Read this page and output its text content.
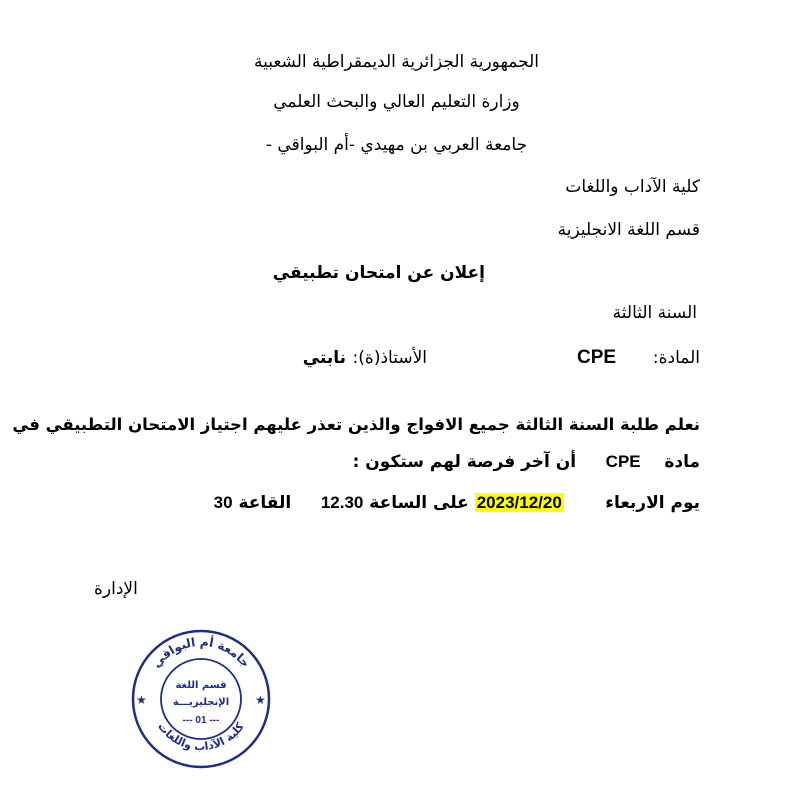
الجمهورية الجزائرية الديمقراطية الشعبية
وزارة التعليم العالي والبحث العلمي
جامعة العربي بن مهيدي -أم البواقي -
كلية الآداب واللغات
قسم اللغة الانجليزية
إعلان عن امتحان تطبيقي
السنة الثالثة
المادة:
CPE
الأستاذ(ة):
نابتي
نعلم طلبة السنة الثالثة جميع الافواج والذين تعذر عليهم اجتياز الامتحان التطبيقي في
مادة    CPE     أن آخر فرصة لهم ستكون :
يوم الاربعاء       2023/12/20 على الساعة 12.30     القاعة 30
الإدارة
★	★
جامعة أم البواقي
كلية الآداب واللغات
قسم اللغة
الإنجليزيـــة
--- 01 ---
